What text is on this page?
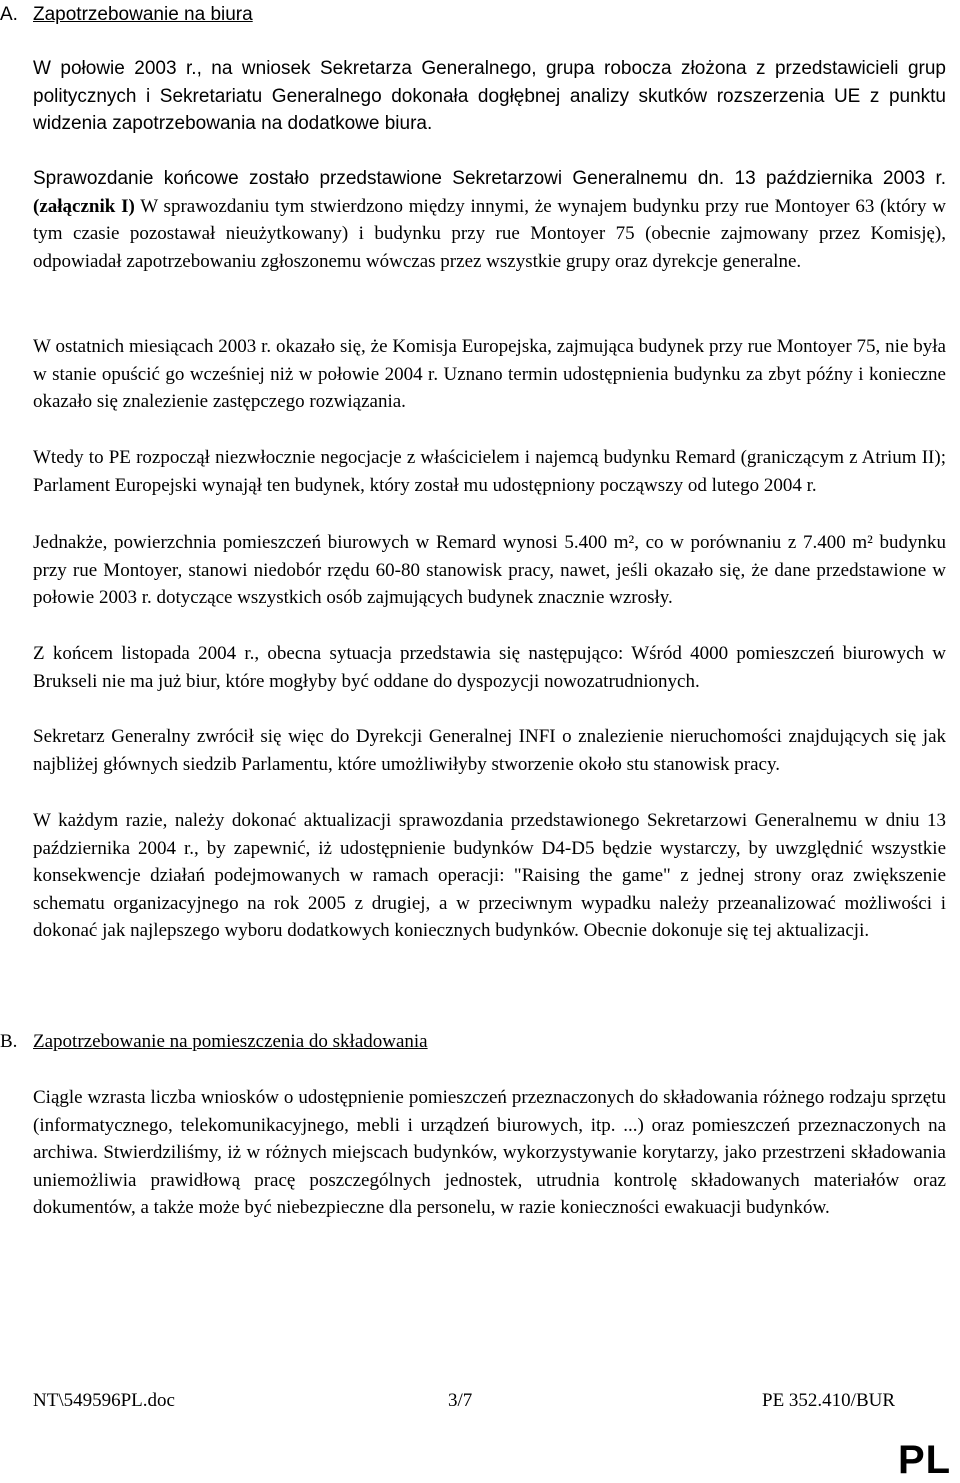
A. Zapotrzebowanie na biura

W połowie 2003 r., na wniosek Sekretarza Generalnego, grupa robocza złożona z przedstawicieli grup politycznych i Sekretariatu Generalnego dokonała dogłębnej analizy skutków rozszerzenia UE z punktu widzenia zapotrzebowania na dodatkowe biura.

Sprawozdanie końcowe zostało przedstawione Sekretarzowi Generalnemu dn. 13 października 2003 r. (załącznik I) W sprawozdaniu tym stwierdzono między innymi, że wynajem budynku przy rue Montoyer 63 (który w tym czasie pozostawał nieużytkowany) i budynku przy rue Montoyer 75 (obecnie zajmowany przez Komisję), odpowiadał zapotrzebowaniu zgłoszonemu wówczas przez wszystkie grupy oraz dyrekcje generalne.

W ostatnich miesiącach 2003 r. okazało się, że Komisja Europejska, zajmująca budynek przy rue Montoyer 75, nie była w stanie opuścić go wcześniej niż w połowie 2004 r. Uznano termin udostępnienia budynku za zbyt późny i konieczne okazało się znalezienie zastępczego rozwiązania.

Wtedy to PE rozpoczął niezwłocznie negocjacje z właścicielem i najemcą budynku Remard (graniczącym z Atrium II); Parlament Europejski wynajął ten budynek, który został mu udostępniony począwszy od lutego 2004 r.

Jednakże, powierzchnia pomieszczeń biurowych w Remard wynosi 5.400 m², co w porównaniu z 7.400 m² budynku przy rue Montoyer, stanowi niedobór rzędu 60-80 stanowisk pracy, nawet, jeśli okazało się, że dane przedstawione w połowie 2003 r. dotyczące wszystkich osób zajmujących budynek znacznie wzrosły.

Z końcem listopada 2004 r., obecna sytuacja przedstawia się następująco: Wśród 4000 pomieszczeń biurowych w Brukseli nie ma już biur, które mogłyby być oddane do dyspozycji nowozatrudnionych.

Sekretarz Generalny zwrócił się więc do Dyrekcji Generalnej INFI o znalezienie nieruchomości znajdujących się jak najbliżej głównych siedzib Parlamentu, które umożliwiłyby stworzenie około stu stanowisk pracy.

W każdym razie, należy dokonać aktualizacji sprawozdania przedstawionego Sekretarzowi Generalnemu w dniu 13 października 2004 r., by zapewnić, iż udostępnienie budynków D4-D5 będzie wystarczy, by uwzględnić wszystkie konsekwencje działań podejmowanych w ramach operacji: "Raising the game" z jednej strony oraz zwiększenie schematu organizacyjnego na rok 2005 z drugiej, a w przeciwnym wypadku należy przeanalizować możliwości i dokonać jak najlepszego wyboru dodatkowych koniecznych budynków. Obecnie dokonuje się tej aktualizacji.

B. Zapotrzebowanie na pomieszczenia do składowania

Ciągle wzrasta liczba wniosków o udostępnienie pomieszczeń przeznaczonych do składowania różnego rodzaju sprzętu (informatycznego, telekomunikacyjnego, mebli i urządzeń biurowych, itp. ...) oraz pomieszczeń przeznaczonych na archiwa. Stwierdziliśmy, iż w różnych miejscach budynków, wykorzystywanie korytarzy, jako przestrzeni składowania uniemożliwia prawidłową pracę poszczególnych jednostek, utrudnia kontrolę składowanych materiałów oraz dokumentów, a także może być niebezpieczne dla personelu, w razie konieczności ewakuacji budynków.

NT\549596PL.doc	3/7	PE 352.410/BUR
PL
